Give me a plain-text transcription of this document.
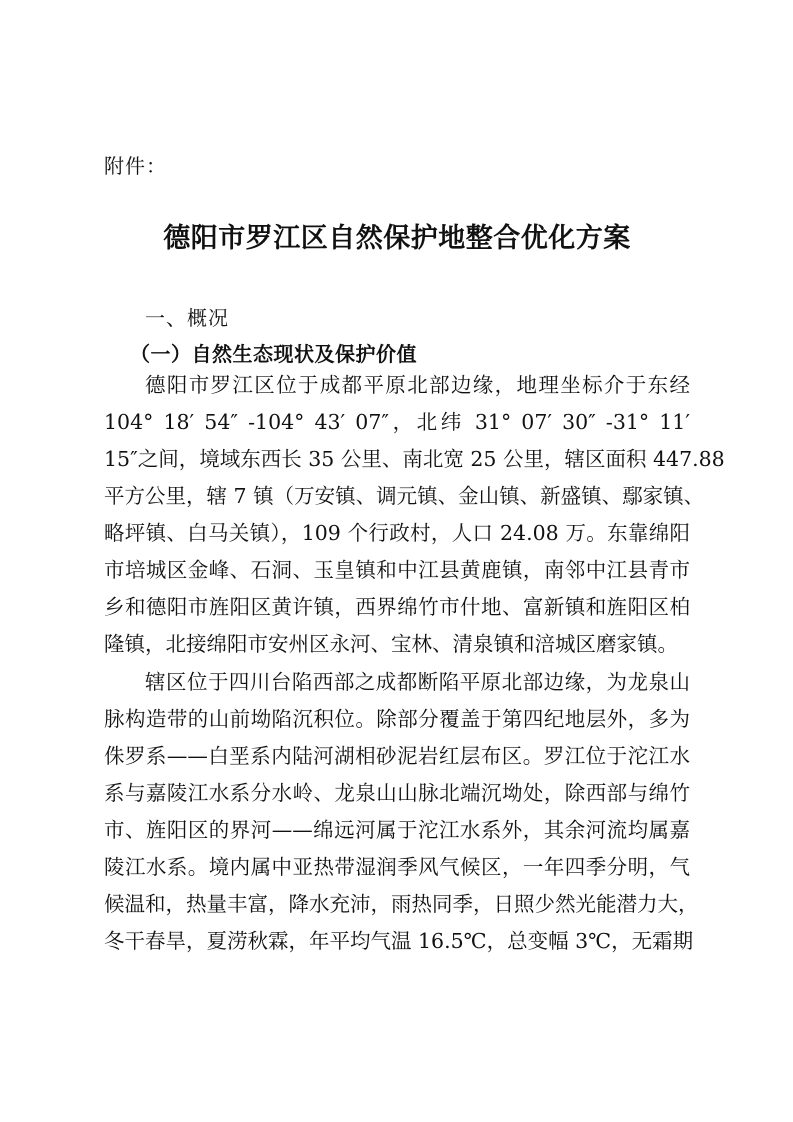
附件：
德阳市罗江区自然保护地整合优化方案
一、概况
（一）自然生态现状及保护价值
德阳市罗江区位于成都平原北部边缘，地理坐标介于东经
104° 18′ 54″ -104° 43′ 07″，北纬 31° 07′ 30″ -31° 11′
15″之间，境域东西长 35 公里、南北宽 25 公里，辖区面积 447.88
平方公里，辖 7 镇（万安镇、调元镇、金山镇、新盛镇、鄢家镇、
略坪镇、白马关镇），109 个行政村，人口 24.08 万。东靠绵阳
市培城区金峰、石洞、玉皇镇和中江县黄鹿镇，南邻中江县青市
乡和德阳市旌阳区黄许镇，西界绵竹市什地、富新镇和旌阳区柏
隆镇，北接绵阳市安州区永河、宝林、清泉镇和涪城区磨家镇。
辖区位于四川台陷西部之成都断陷平原北部边缘，为龙泉山
脉构造带的山前坳陷沉积位。除部分覆盖于第四纪地层外，多为
侏罗系——白垩系内陆河湖相砂泥岩红层布区。罗江位于沱江水
系与嘉陵江水系分水岭、龙泉山山脉北端沉坳处，除西部与绵竹
市、旌阳区的界河——绵远河属于沱江水系外，其余河流均属嘉
陵江水系。境内属中亚热带湿润季风气候区，一年四季分明，气
候温和，热量丰富，降水充沛，雨热同季，日照少然光能潜力大，
冬干春旱，夏涝秋霖，年平均气温 16.5℃，总变幅 3℃，无霜期
